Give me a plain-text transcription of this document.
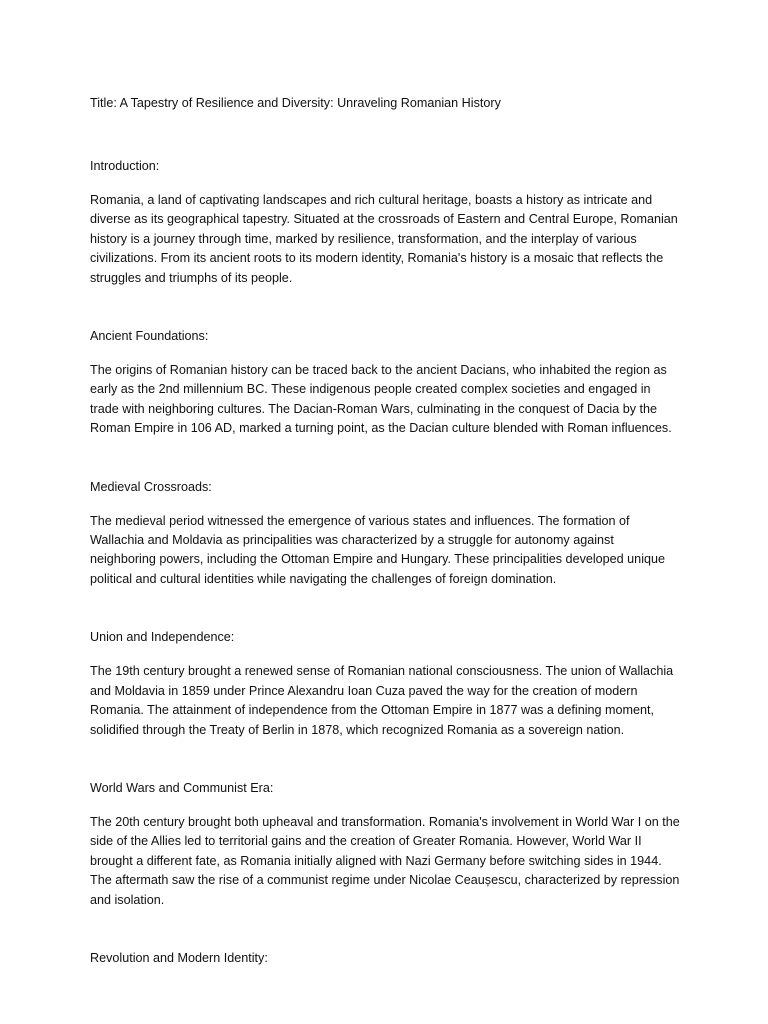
Title: A Tapestry of Resilience and Diversity: Unraveling Romanian History

Introduction:

Romania, a land of captivating landscapes and rich cultural heritage, boasts a history as intricate and diverse as its geographical tapestry. Situated at the crossroads of Eastern and Central Europe, Romanian history is a journey through time, marked by resilience, transformation, and the interplay of various civilizations. From its ancient roots to its modern identity, Romania's history is a mosaic that reflects the struggles and triumphs of its people.

Ancient Foundations:

The origins of Romanian history can be traced back to the ancient Dacians, who inhabited the region as early as the 2nd millennium BC. These indigenous people created complex societies and engaged in trade with neighboring cultures. The Dacian-Roman Wars, culminating in the conquest of Dacia by the Roman Empire in 106 AD, marked a turning point, as the Dacian culture blended with Roman influences.

Medieval Crossroads:

The medieval period witnessed the emergence of various states and influences. The formation of Wallachia and Moldavia as principalities was characterized by a struggle for autonomy against neighboring powers, including the Ottoman Empire and Hungary. These principalities developed unique political and cultural identities while navigating the challenges of foreign domination.

Union and Independence:

The 19th century brought a renewed sense of Romanian national consciousness. The union of Wallachia and Moldavia in 1859 under Prince Alexandru Ioan Cuza paved the way for the creation of modern Romania. The attainment of independence from the Ottoman Empire in 1877 was a defining moment, solidified through the Treaty of Berlin in 1878, which recognized Romania as a sovereign nation.

World Wars and Communist Era:

The 20th century brought both upheaval and transformation. Romania's involvement in World War I on the side of the Allies led to territorial gains and the creation of Greater Romania. However, World War II brought a different fate, as Romania initially aligned with Nazi Germany before switching sides in 1944. The aftermath saw the rise of a communist regime under Nicolae Ceaușescu, characterized by repression and isolation.

Revolution and Modern Identity:
